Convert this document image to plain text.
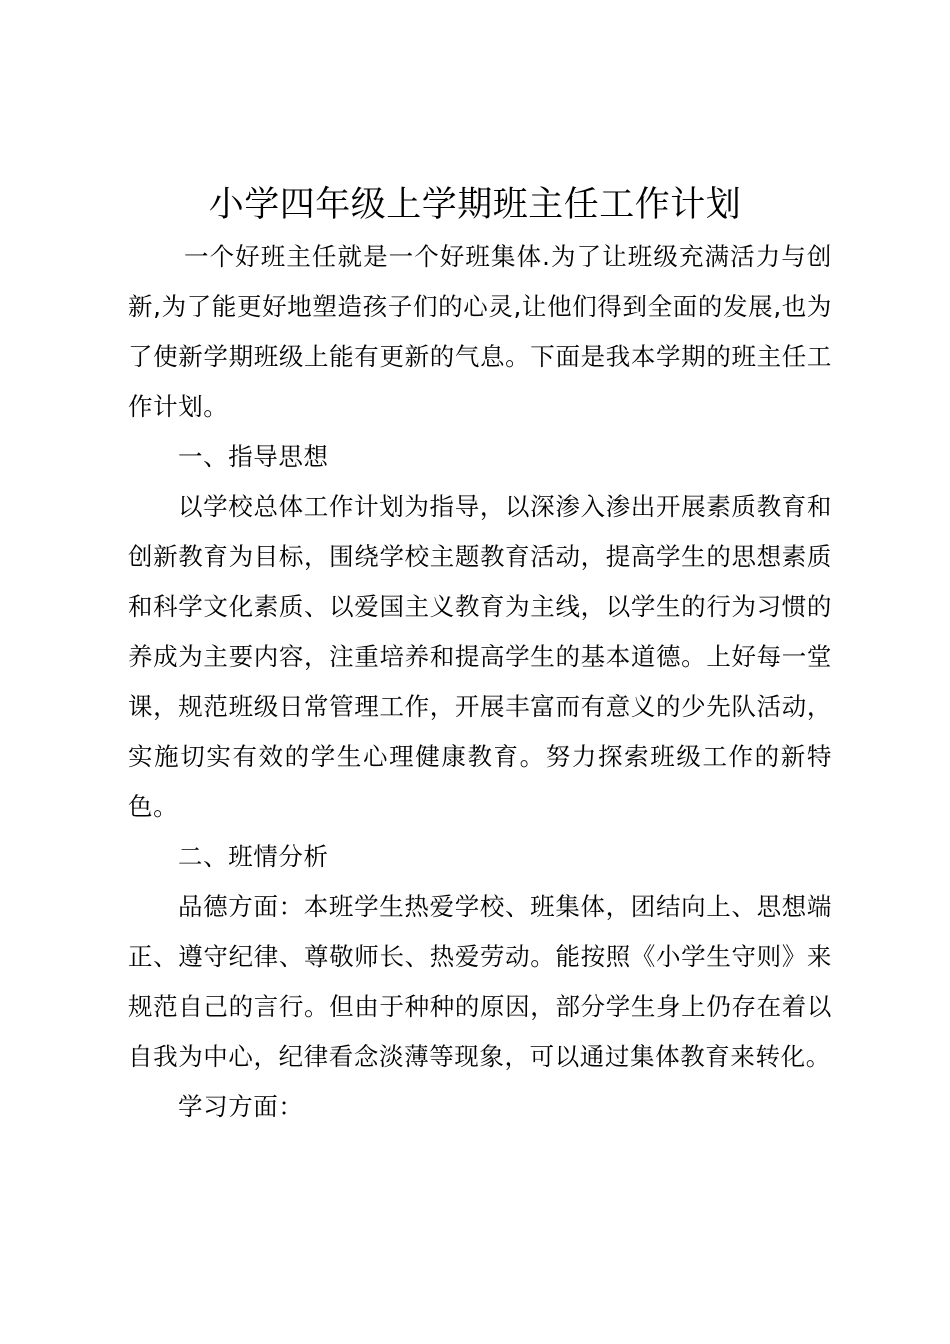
小学四年级上学期班主任工作计划

一个好班主任就是一个好班集体.为了让班级充满活力与创新,为了能更好地塑造孩子们的心灵,让他们得到全面的发展,也为了使新学期班级上能有更新的气息。下面是我本学期的班主任工作计划。

一、指导思想

以学校总体工作计划为指导，以深渗入渗出开展素质教育和创新教育为目标，围绕学校主题教育活动，提高学生的思想素质和科学文化素质、以爱国主义教育为主线，以学生的行为习惯的养成为主要内容，注重培养和提高学生的基本道德。上好每一堂课，规范班级日常管理工作，开展丰富而有意义的少先队活动，实施切实有效的学生心理健康教育。努力探索班级工作的新特色。

二、班情分析

品德方面：本班学生热爱学校、班集体，团结向上、思想端正、遵守纪律、尊敬师长、热爱劳动。能按照《小学生守则》来规范自己的言行。但由于种种的原因，部分学生身上仍存在着以自我为中心，纪律看念淡薄等现象，可以通过集体教育来转化。

学习方面：
